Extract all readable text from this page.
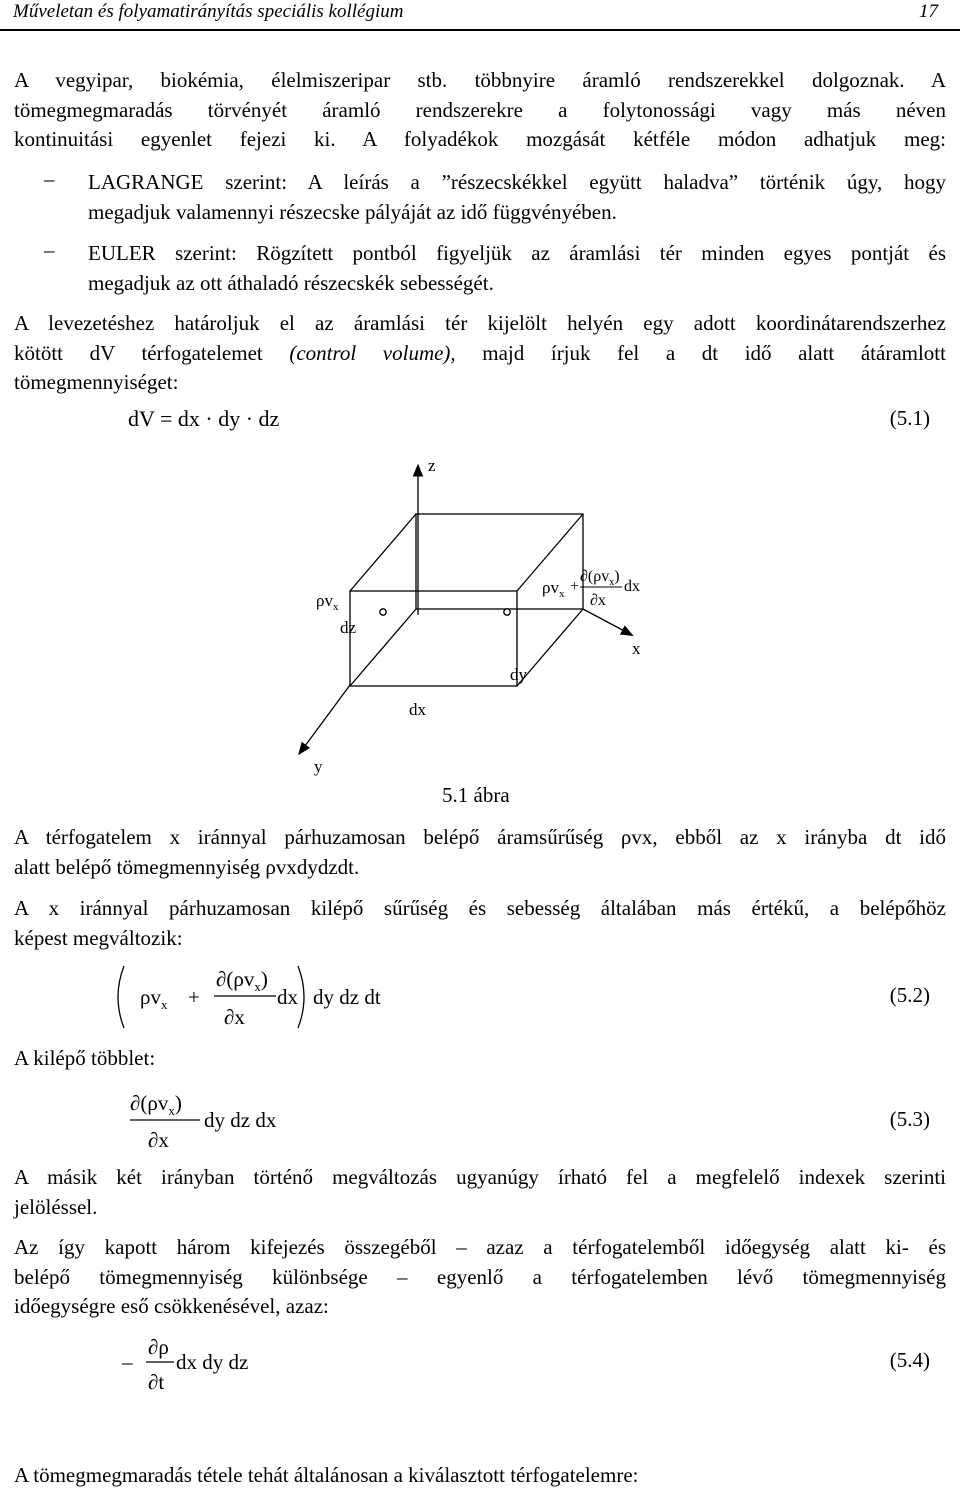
Műveletan és folyamatirányítás speciális kollégium	17
A vegyipar, biokémia, élelmiszeripar stb. többnyire áramló rendszerekkel dolgoznak. A
tömegmegmaradás törvényét áramló rendszerekre a folytonossági vagy más néven
kontinuitási egyenlet fejezi ki. A folyadékok mozgását kétféle módon adhatjuk meg:
– LAGRANGE szerint: A leírás a ”részecskékkel együtt haladva” történik úgy, hogy
megadjuk valamennyi részecske pályáját az idő függvényében.
– EULER szerint: Rögzített pontból figyeljük az áramlási tér minden egyes pontját és
megadjuk az ott áthaladó részecskék sebességét.
A levezetéshez határoljuk el az áramlási tér kijelölt helyén egy adott koordinátarendszerhez
kötött dV térfogatelemet (control volume), majd írjuk fel a dt idő alatt átáramlott
tömegmennyiséget:
dV = dx · dy · dz	(5.1)
z
x
y
$\rho v_x$
dz
dy
dx
$\rho v_x$ +
$\partial(\rho v_x)$
∂x
dx
5.1 ábra
A térfogatelem x iránnyal párhuzamosan belépő áramsűrűség ρvx, ebből az x irányba dt idő
alatt belépő tömegmennyiség ρvxdydzdt.
A x iránnyal párhuzamosan kilépő sűrűség és sebesség általában más értékű, a belépőhöz
képest megváltozik:
$\rho v_x$ +
$\partial(\rho v_x)$
∂x
dx dy dz dt	(5.2)
A kilépő többlet:
$\partial(\rho v_x)$
∂x
dy dz dx	(5.3)
A másik két irányban történő megváltozás ugyanúgy írható fel a megfelelő indexek szerinti
jelöléssel.
Az így kapott három kifejezés összegéből – azaz a térfogatelemből időegység alatt ki- és
belépő tömegmennyiség különbsége – egyenlő a térfogatelemben lévő tömegmennyiség
időegységre eső csökkenésével, azaz:
–
∂ρ
∂t
dx dy dz	(5.4)
A tömegmegmaradás tétele tehát általánosan a kiválasztott térfogatelemre:
